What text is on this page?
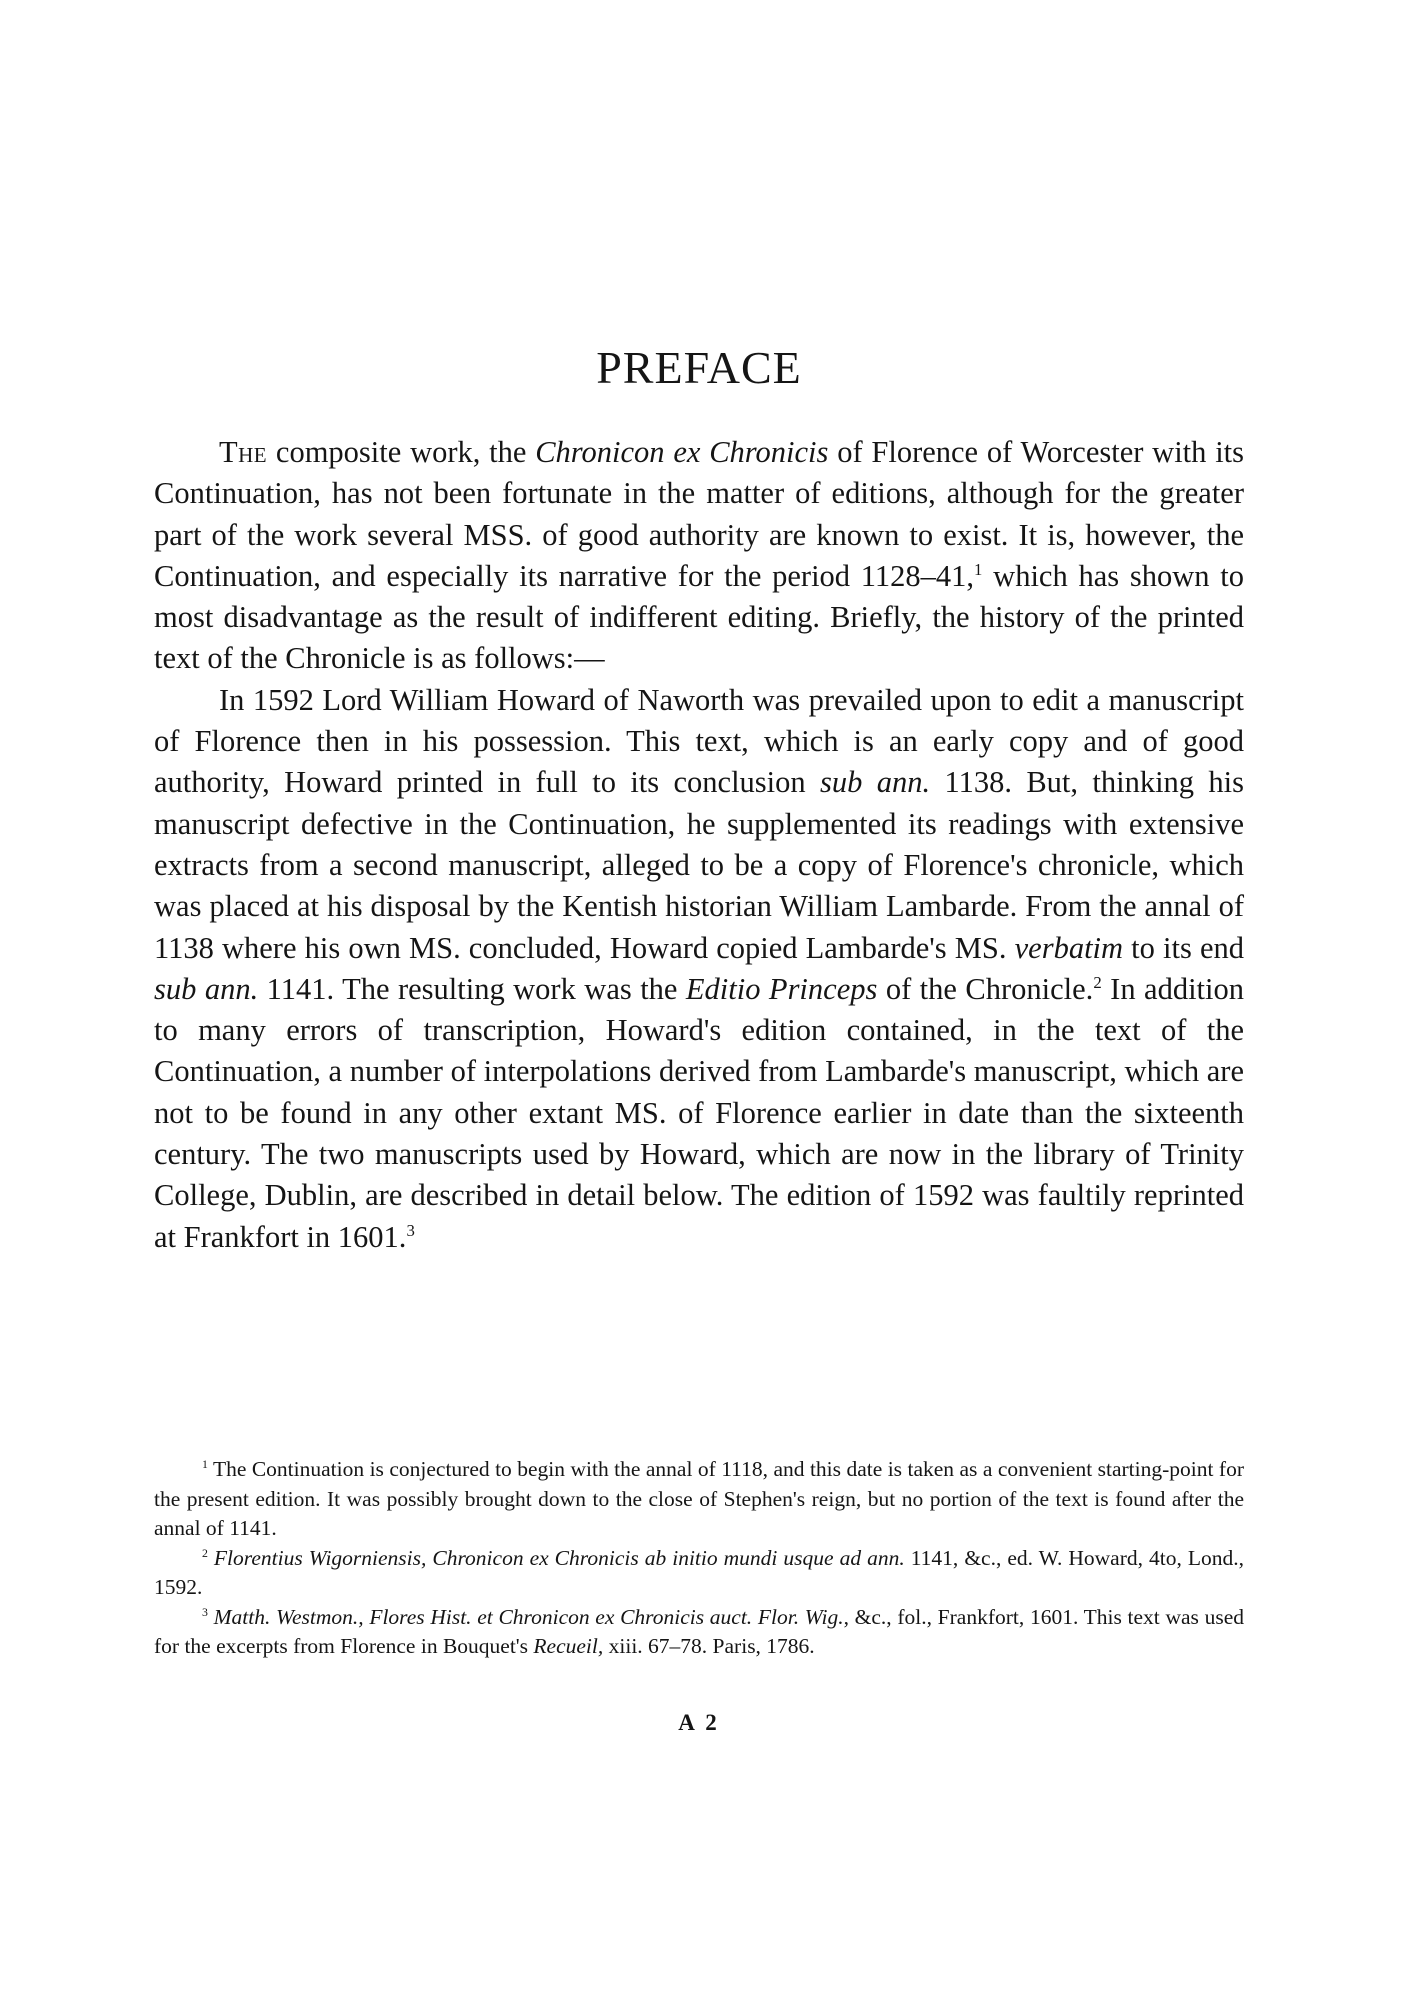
PREFACE

The composite work, the Chronicon ex Chronicis of Florence of Worcester with its Continuation, has not been fortunate in the matter of editions, although for the greater part of the work several MSS. of good authority are known to exist. It is, however, the Continuation, and especially its narrative for the period 1128–41,$^1$ which has shown to most disadvantage as the result of indifferent editing. Briefly, the history of the printed text of the Chronicle is as follows:—

In 1592 Lord William Howard of Naworth was prevailed upon to edit a manuscript of Florence then in his possession. This text, which is an early copy and of good authority, Howard printed in full to its conclusion sub ann. 1138. But, thinking his manuscript defective in the Continuation, he supplemented its readings with extensive extracts from a second manuscript, alleged to be a copy of Florence's chronicle, which was placed at his disposal by the Kentish historian William Lambarde. From the annal of 1138 where his own MS. concluded, Howard copied Lambarde's MS. verbatim to its end sub ann. 1141. The resulting work was the Editio Princeps of the Chronicle.$^2$ In addition to many errors of transcription, Howard's edition contained, in the text of the Continuation, a number of interpolations derived from Lambarde's manuscript, which are not to be found in any other extant MS. of Florence earlier in date than the sixteenth century. The two manuscripts used by Howard, which are now in the library of Trinity College, Dublin, are described in detail below. The edition of 1592 was faultily reprinted at Frankfort in 1601.$^3$

$^1$ The Continuation is conjectured to begin with the annal of 1118, and this date is taken as a convenient starting-point for the present edition. It was possibly brought down to the close of Stephen's reign, but no portion of the text is found after the annal of 1141.

$^2$ Florentius Wigorniensis, Chronicon ex Chronicis ab initio mundi usque ad ann. 1141, &c., ed. W. Howard, 4to, Lond., 1592.

$^3$ Matth. Westmon., Flores Hist. et Chronicon ex Chronicis auct. Flor. Wig., &c., fol., Frankfort, 1601. This text was used for the excerpts from Florence in Bouquet's Recueil, xiii. 67–78. Paris, 1786.

A 2
